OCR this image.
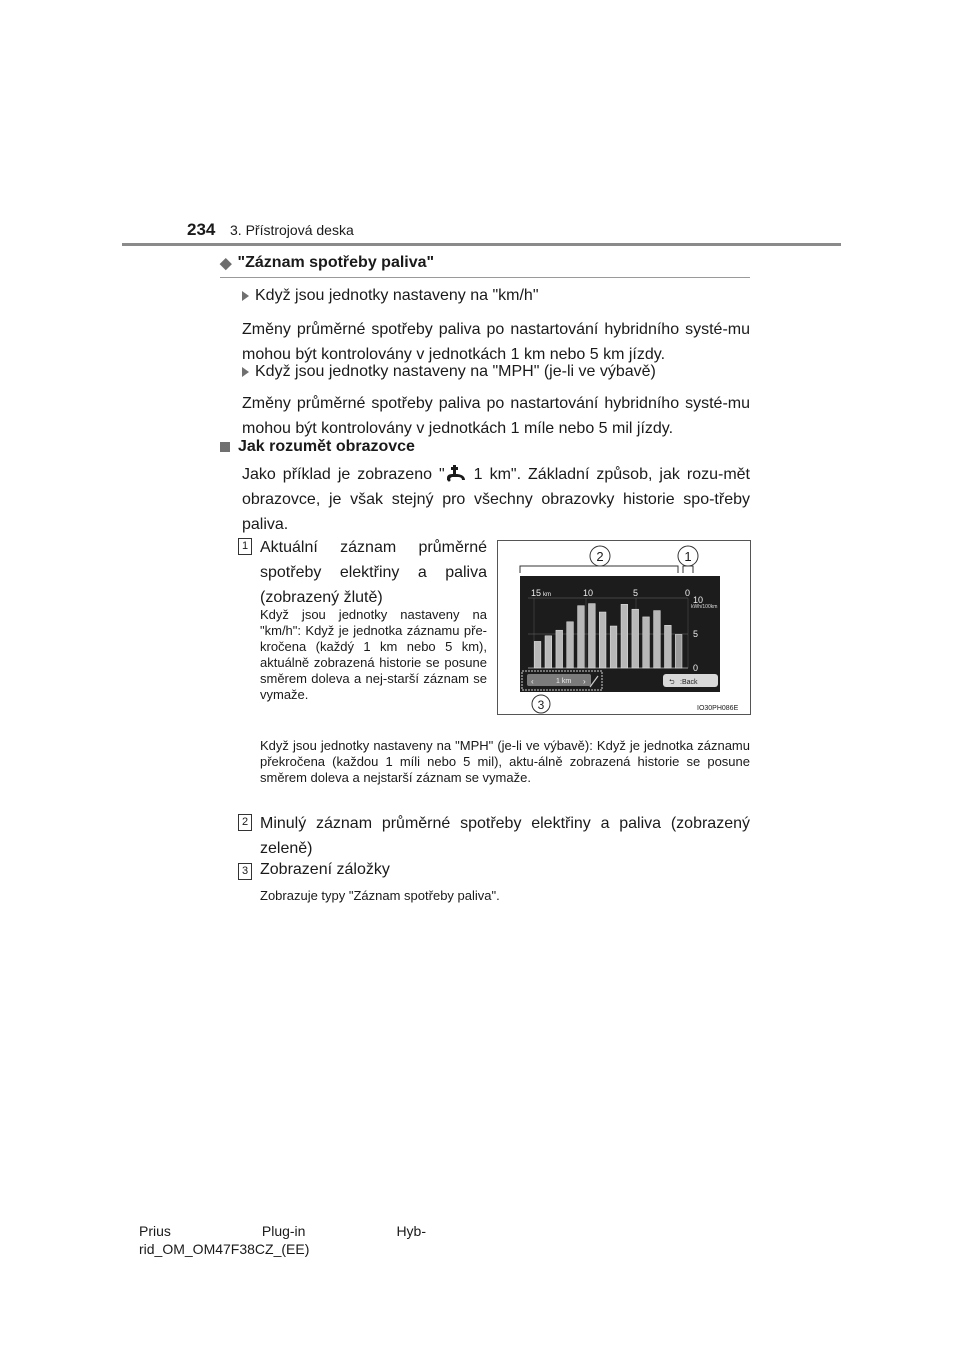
234 3. Přístrojová deska
◆ "Záznam spotřeby paliva"
Když jsou jednotky nastaveny na "km/h"
Změny průměrné spotřeby paliva po nastartování hybridního systé-mu mohou být kontrolovány v jednotkách 1 km nebo 5 km jízdy.
Když jsou jednotky nastaveny na "MPH" (je-li ve výbavě)
Změny průměrné spotřeby paliva po nastartování hybridního systé-mu mohou být kontrolovány v jednotkách 1 míle nebo 5 mil jízdy.
Jak rozumět obrazovce
Jako příklad je zobrazeno " 1 km". Základní způsob, jak rozu-mět obrazovce, je však stejný pro všechny obrazovky historie spo-třeby paliva.
1 Aktuální záznam průměrné spotřeby elektřiny a paliva (zobrazený žlutě)
Když jsou jednotky nastaveny na "km/h": Když je jednotka záznamu pře-kročena (každý 1 km nebo 5 km), aktuálně zobrazená historie se posune směrem doleva a nej-starší záznam se vymaže.
Když jsou jednotky nastaveny na "MPH" (je-li ve výbavě): Když je jednotka záznamu překročena (každou 1 míli nebo 5 mil), aktu-álně zobrazená historie se posune směrem doleva a nejstarší záznam se vymaže.
2	1
3
15	10	5	0
km	10
5
0
kWh/100km
‹	›
1 km	⮌ :Back
IO30PH086E
2 Minulý záznam průměrné spotřeby elektřiny a paliva (zobrazený zeleně)
3 Zobrazení záložky
Zobrazuje typy "Záznam spotřeby paliva".
Prius	Plug-in	Hyb-
rid_OM_OM47F38CZ_(EE)
